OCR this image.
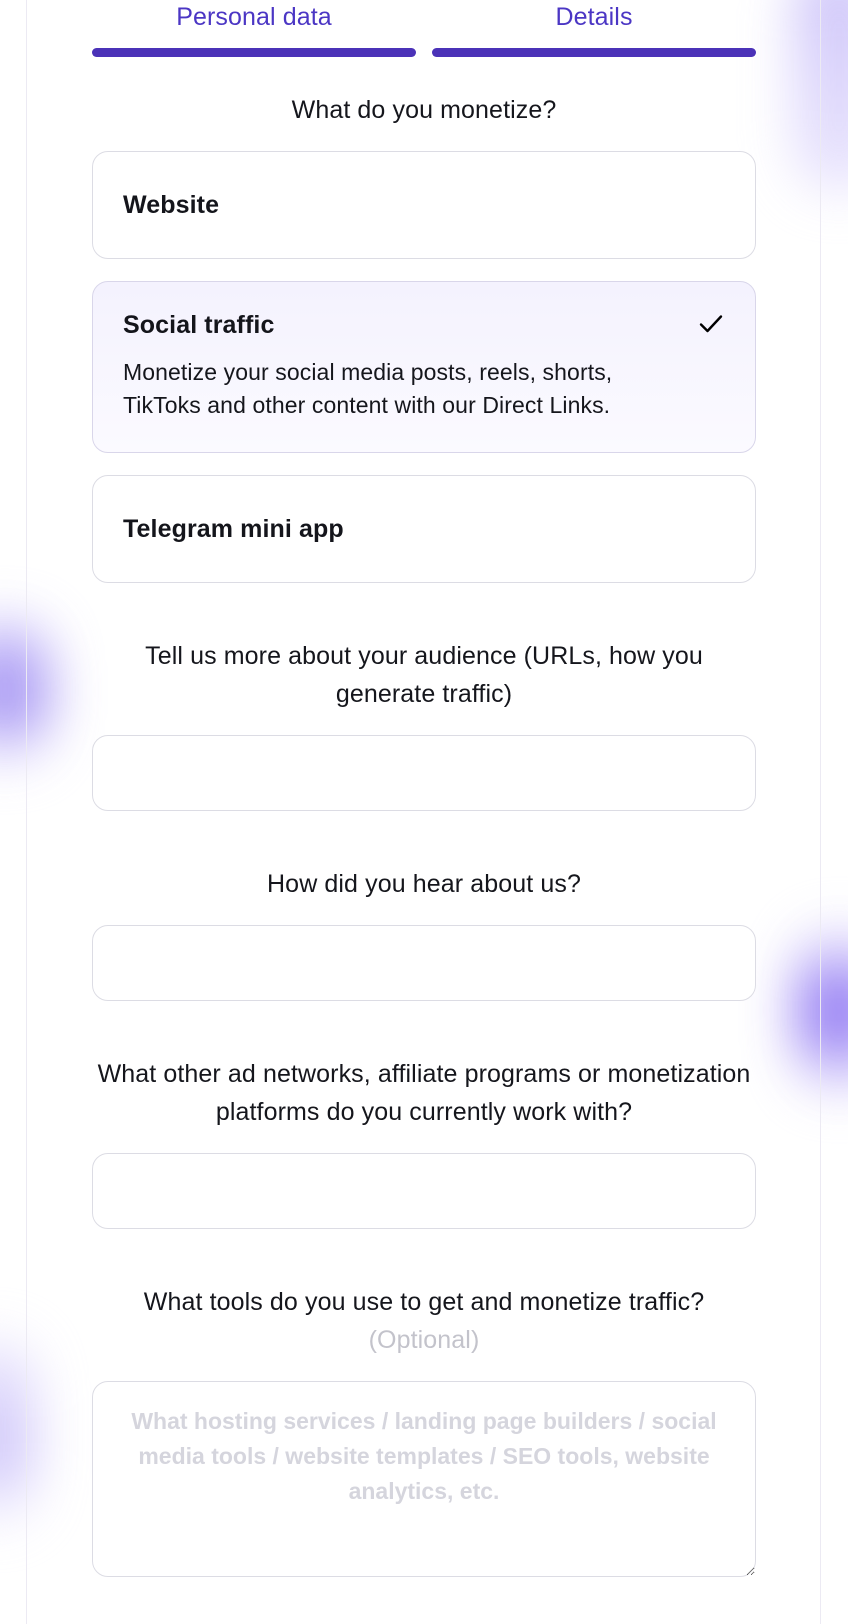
Personal data	Details
What do you monetize?
Website
Social traffic
Monetize your social media posts, reels, shorts, TikToks and other content with our Direct Links.
Telegram mini app
Tell us more about your audience (URLs, how you generate traffic)
How did you hear about us?
What other ad networks, affiliate programs or monetization platforms do you currently work with?
What tools do you use to get and monetize traffic? (Optional)
What hosting services / landing page builders / social media tools / website templates / SEO tools, website analytics, etc.
